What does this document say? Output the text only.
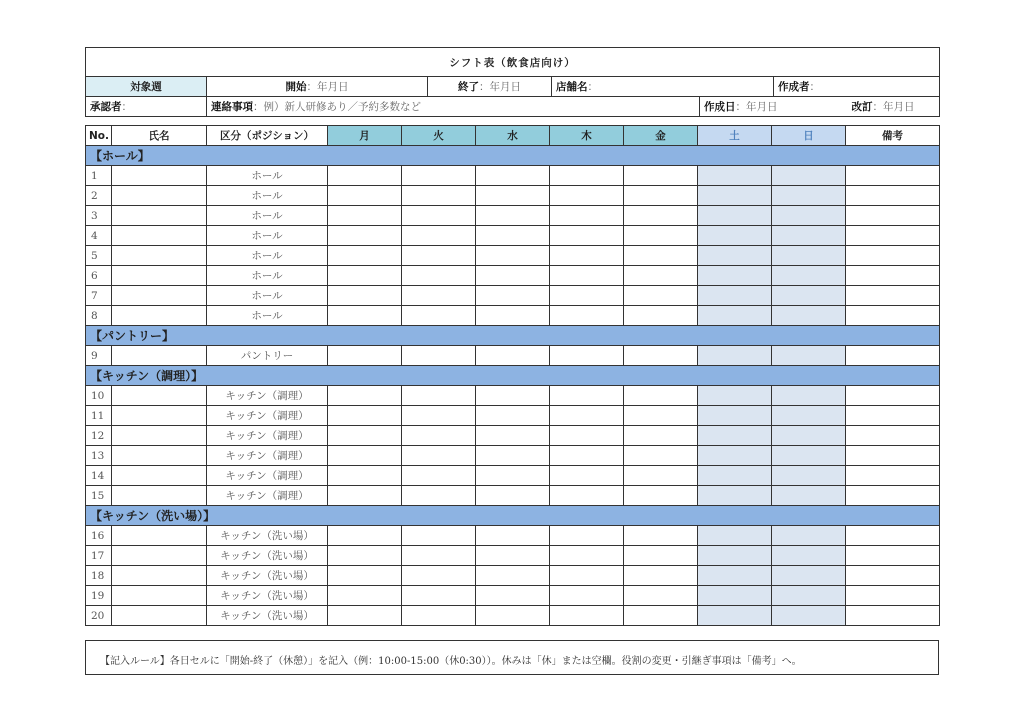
シフト表（飲食店向け）						
対象週	開始：年月日	終了：年月日	店舗名：		作成者：	
承認者：	連絡事項：例）新人研修あり／予約多数など			作成日：年月日		改訂：年月日
No.	氏名	区分（ポジション）	月	火	水	木	金	土	日	備考
【ホール】										
1		ホール								
2		ホール								
3		ホール								
4		ホール								
5		ホール								
6		ホール								
7		ホール								
8		ホール								
【パントリー】										
9		パントリー								
【キッチン（調理）】										
10		キッチン（調理）								
11		キッチン（調理）								
12		キッチン（調理）								
13		キッチン（調理）								
14		キッチン（調理）								
15		キッチン（調理）								
【キッチン（洗い場）】										
16		キッチン（洗い場）								
17		キッチン（洗い場）								
18		キッチン（洗い場）								
19		キッチン（洗い場）								
20		キッチン（洗い場）								
【記入ルール】各日セルに「開始-終了（休憩）」を記入（例：10:00-15:00（休0:30））。休みは「休」または空欄。役割の変更・引継ぎ事項は「備考」へ。
